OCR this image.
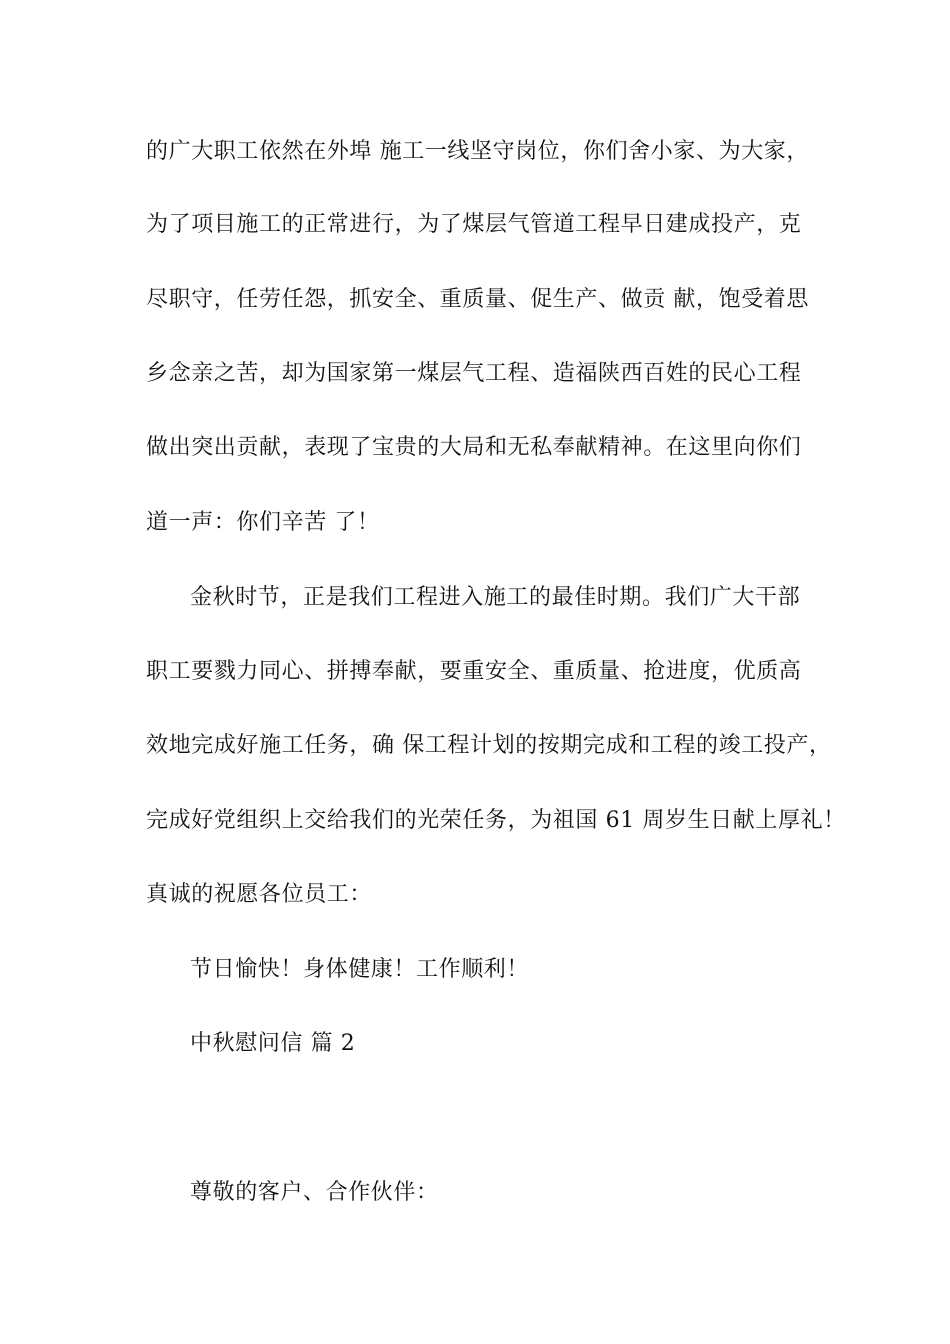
的广大职工依然在外埠 施工一线坚守岗位，你们舍小家、为大家，
为了项目施工的正常进行，为了煤层气管道工程早日建成投产，克
尽职守，任劳任怨，抓安全、重质量、促生产、做贡 献，饱受着思
乡念亲之苦，却为国家第一煤层气工程、造福陕西百姓的民心工程
做出突出贡献，表现了宝贵的大局和无私奉献精神。在这里向你们
道一声：你们辛苦 了！
金秋时节，正是我们工程进入施工的最佳时期。我们广大干部
职工要戮力同心、拼搏奉献，要重安全、重质量、抢进度，优质高
效地完成好施工任务，确 保工程计划的按期完成和工程的竣工投产，
完成好党组织上交给我们的光荣任务，为祖国 61 周岁生日献上厚礼！
真诚的祝愿各位员工：
节日愉快！身体健康！工作顺利！
中秋慰问信 篇 2
尊敬的客户、合作伙伴：
